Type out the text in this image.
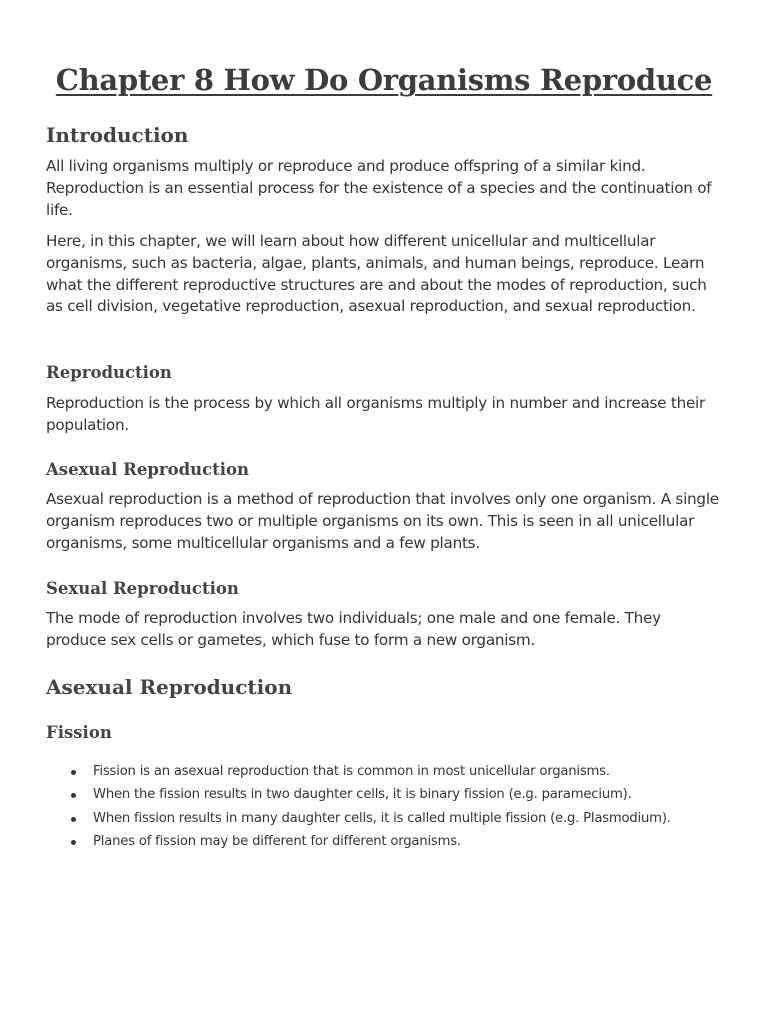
Chapter 8 How Do Organisms Reproduce
Introduction

All living organisms multiply or reproduce and produce offspring of a similar kind. Reproduction is an essential process for the existence of a species and the continuation of life.

Here, in this chapter, we will learn about how different unicellular and multicellular organisms, such as bacteria, algae, plants, animals, and human beings, reproduce. Learn what the different reproductive structures are and about the modes of reproduction, such as cell division, vegetative reproduction, asexual reproduction, and sexual reproduction.

Reproduction

Reproduction is the process by which all organisms multiply in number and increase their population.

Asexual Reproduction

Asexual reproduction is a method of reproduction that involves only one organism. A single organism reproduces two or multiple organisms on its own. This is seen in all unicellular organisms, some multicellular organisms and a few plants.

Sexual Reproduction

The mode of reproduction involves two individuals; one male and one female. They produce sex cells or gametes, which fuse to form a new organism.

Asexual Reproduction
Fission
Fission is an asexual reproduction that is common in most unicellular organisms.
When the fission results in two daughter cells, it is binary fission (e.g. paramecium).
When fission results in many daughter cells, it is called multiple fission (e.g. Plasmodium).
Planes of fission may be different for different organisms.
